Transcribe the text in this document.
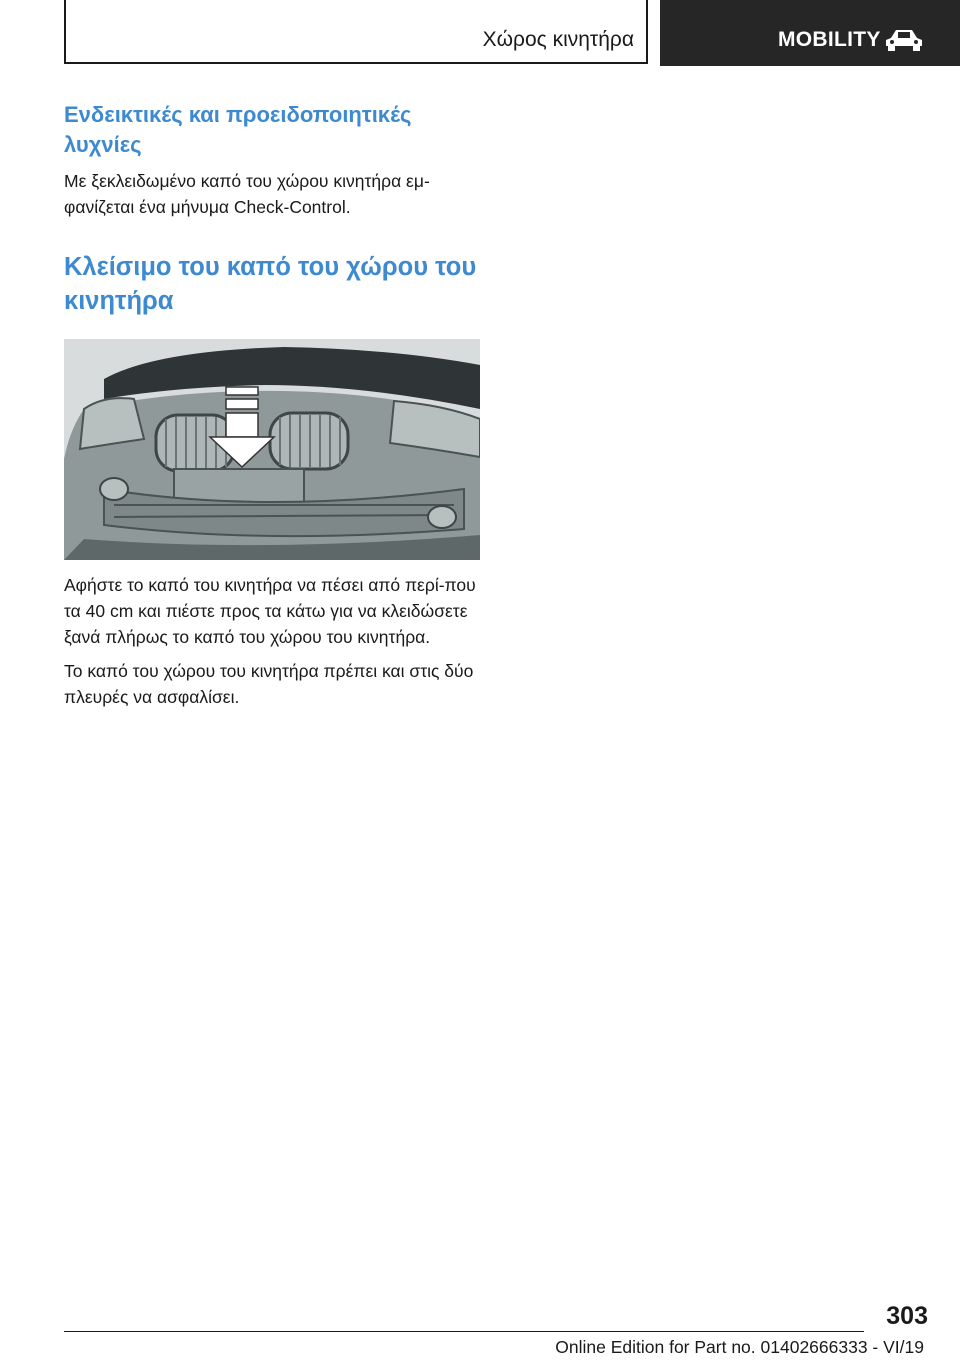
Χώρος κινητήρα	MOBILITY
Ενδεικτικές και προειδοποιητικές λυχνίες

Με ξεκλειδωμένο καπό του χώρου κινητήρα εμ‐φανίζεται ένα μήνυμα Check-Control.

Κλείσιμο του καπό του χώρου του κινητήρα

Αφήστε το καπό του κινητήρα να πέσει από περί‐που τα 40 cm και πιέστε προς τα κάτω για να κλειδώσετε ξανά πλήρως το καπό του χώρου του κινητήρα.

Το καπό του χώρου του κινητήρα πρέπει και στις δύο πλευρές να ασφαλίσει.

303
Online Edition for Part no. 01402666333 - VI/19
